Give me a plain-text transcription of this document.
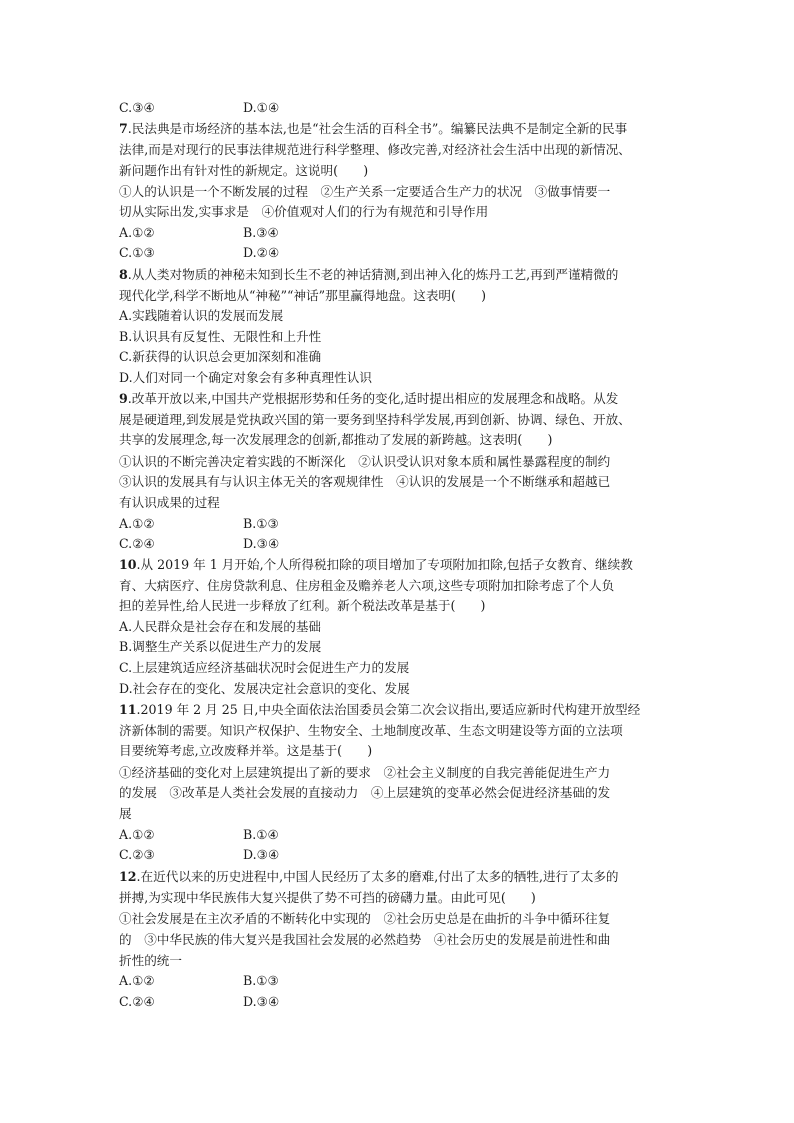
C.③④	D.①④
7.民法典是市场经济的基本法,也是“社会生活的百科全书”。编纂民法典不是制定全新的民事
法律,而是对现行的民事法律规范进行科学整理、修改完善,对经济社会生活中出现的新情况、
新问题作出有针对性的新规定。这说明(　　)
①人的认识是一个不断发展的过程　②生产关系一定要适合生产力的状况　③做事情要一
切从实际出发,实事求是　④价值观对人们的行为有规范和引导作用
A.①②	B.③④
C.①③	D.②④
8.从人类对物质的神秘未知到长生不老的神话猜测,到出神入化的炼丹工艺,再到严谨精微的
现代化学,科学不断地从“神秘”“神话”那里赢得地盘。这表明(　　)
A.实践随着认识的发展而发展
B.认识具有反复性、无限性和上升性
C.新获得的认识总会更加深刻和准确
D.人们对同一个确定对象会有多种真理性认识
9.改革开放以来,中国共产党根据形势和任务的变化,适时提出相应的发展理念和战略。从发
展是硬道理,到发展是党执政兴国的第一要务到坚持科学发展,再到创新、协调、绿色、开放、
共享的发展理念,每一次发展理念的创新,都推动了发展的新跨越。这表明(　　)
①认识的不断完善决定着实践的不断深化　②认识受认识对象本质和属性暴露程度的制约
③认识的发展具有与认识主体无关的客观规律性　④认识的发展是一个不断继承和超越已
有认识成果的过程
A.①②	B.①③
C.②④	D.③④
10.从 2019 年 1 月开始,个人所得税扣除的项目增加了专项附加扣除,包括子女教育、继续教
育、大病医疗、住房贷款利息、住房租金及赡养老人六项,这些专项附加扣除考虑了个人负
担的差异性,给人民进一步释放了红利。新个税法改革是基于(　　)
A.人民群众是社会存在和发展的基础
B.调整生产关系以促进生产力的发展
C.上层建筑适应经济基础状况时会促进生产力的发展
D.社会存在的变化、发展决定社会意识的变化、发展
11.2019 年 2 月 25 日,中央全面依法治国委员会第二次会议指出,要适应新时代构建开放型经
济新体制的需要。知识产权保护、生物安全、土地制度改革、生态文明建设等方面的立法项
目要统筹考虑,立改废释并举。这是基于(　　)
①经济基础的变化对上层建筑提出了新的要求　②社会主义制度的自我完善能促进生产力
的发展　③改革是人类社会发展的直接动力　④上层建筑的变革必然会促进经济基础的发
展
A.①②	B.①④
C.②③	D.③④
12.在近代以来的历史进程中,中国人民经历了太多的磨难,付出了太多的牺牲,进行了太多的
拼搏,为实现中华民族伟大复兴提供了势不可挡的磅礴力量。由此可见(　　)
①社会发展是在主次矛盾的不断转化中实现的　②社会历史总是在曲折的斗争中循环往复
的　③中华民族的伟大复兴是我国社会发展的必然趋势　④社会历史的发展是前进性和曲
折性的统一
A.①②	B.①③
C.②④	D.③④
